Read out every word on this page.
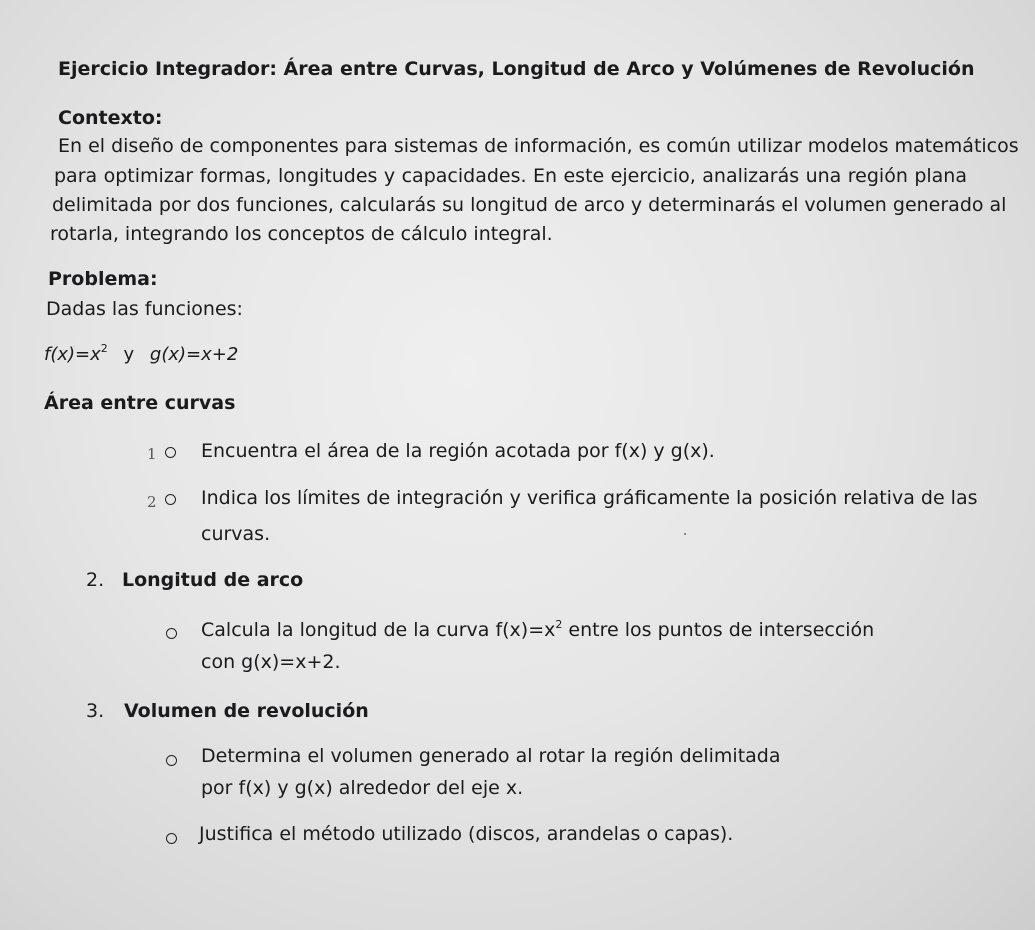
Ejercicio Integrador: Área entre Curvas, Longitud de Arco y Volúmenes de Revolución
Contexto:
En el diseño de componentes para sistemas de información, es común utilizar modelos matemáticos
para optimizar formas, longitudes y capacidades. En este ejercicio, analizarás una región plana
delimitada por dos funciones, calcularás su longitud de arco y determinarás el volumen generado al
rotarla, integrando los conceptos de cálculo integral.
Problema:
Dadas las funciones:
$f(x)=x^2$ y g(x)=x+2
Área entre curvas
1 Encuentra el área de la región acotada por f(x) y g(x).
2 Indica los límites de integración y verifica gráficamente la posición relativa de las
curvas.
2. Longitud de arco
Calcula la longitud de la curva $f(x)=x^2$ entre los puntos de intersección
con g(x)=x+2.
3. Volumen de revolución
Determina el volumen generado al rotar la región delimitada
por f(x) y g(x) alrededor del eje x.
Justifica el método utilizado (discos, arandelas o capas).
